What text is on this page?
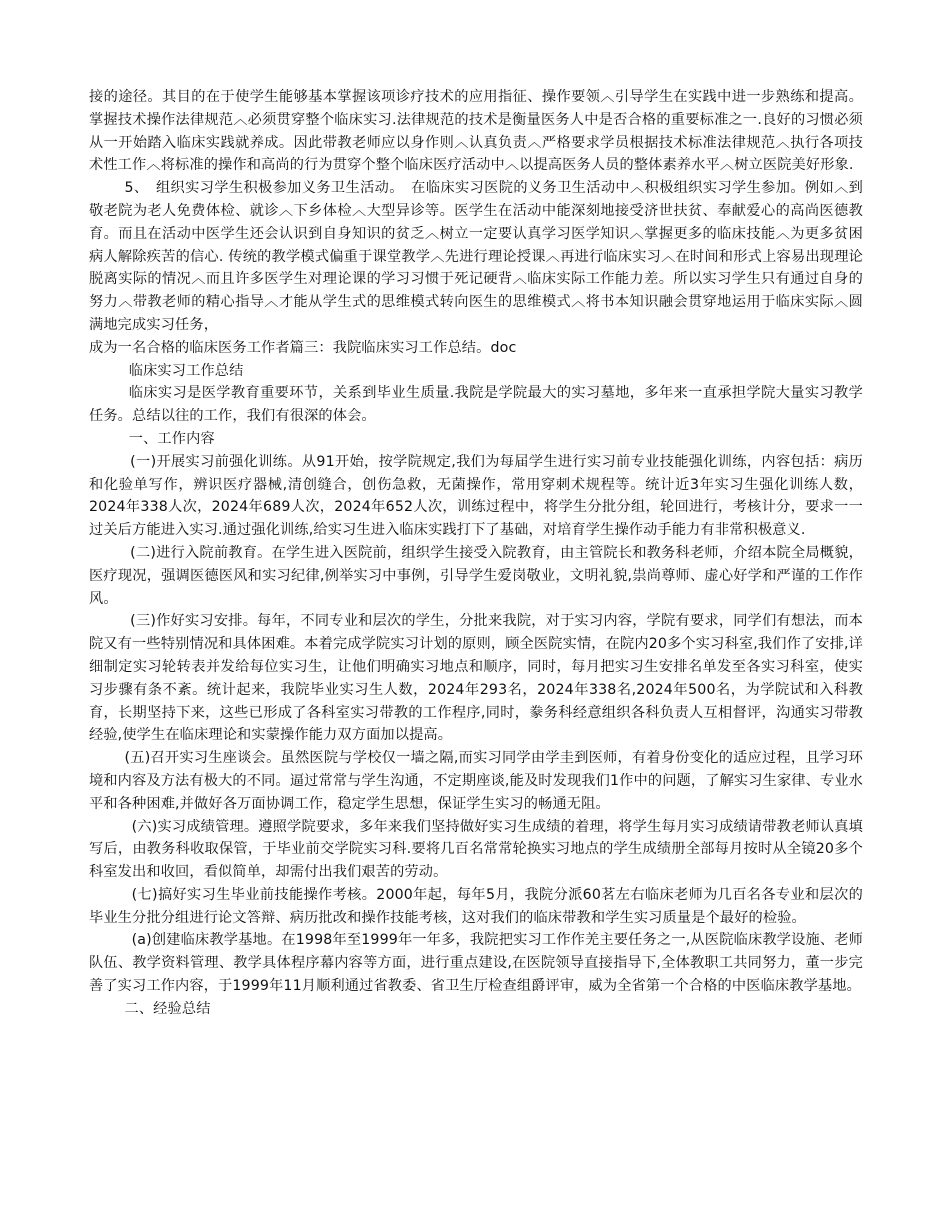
接的途径。其目的在于使学生能够基本掌握该项诊疗技术的应用指征、操作要领︿引导学生在实践中进一步熟练和提高。掌握技术操作法律规范︿必须贯穿整个临床实习.法律规范的技术是衡量医务人中是否合格的重要标准之一.良好的习惯必须从一开始踏入临床实践就养成。因此带教老师应以身作则︿认真负责︿严格要求学员根据技术标准法律规范︿执行各项技术性工作︿将标准的操作和高尚的行为贯穿个整个临床医疗活动中︿以提高医务人员的整体素养水平︿树立医院美好形象.

5、　组织实习学生积极参加义务卫生活动。　在临床实习医院的义务卫生活动中︿积极组织实习学生参加。例如︿到敬老院为老人免费体检、就诊︿下乡体检︿大型异诊等。医学生在活动中能深刻地接受济世扶贫、奉献爱心的高尚医德教育。而且在活动中医学生还会认识到自身知识的贫乏︿树立一定要认真学习医学知识︿掌握更多的临床技能︿为更多贫困病人解除疾苦的信心. 传统的教学模式偏重于课堂教学︿先进行理论授课︿再进行临床实习︿在时间和形式上容易出现理论脱离实际的情况︿而且许多医学生对理论课的学习习惯于死记硬背︿临床实际工作能力差。所以实习学生只有通过自身的努力︿带教老师的精心指导︿才能从学生式的思维模式转向医生的思维模式︿将书本知识融会贯穿地运用于临床实际︿圆满地完成实习任务，

成为一名合格的临床医务工作者篇三：我院临床实习工作总结。doc

临床实习工作总结

临床实习是医学教育重要环节，关系到毕业生质量.我院是学院最大的实习墓地，多年来一直承担学院大量实习教学任务。总结以往的工作，我们有很深的体会。

一、工作内容

(一)开展实习前强化训练。从91开始，按学院规定,我们为每届学生进行实习前专业技能强化训练，内容包括：病历和化验单写作，辨识医疗器械,清创缝合，创伤急救，无菌操作，常用穿刺术规程等。统计近3年实习生强化训练人数，2024年338人次，2024年689人次，2024年652人次，训练过程中，将学生分批分组，轮回进行，考核计分，要求一一过关后方能进入实习.通过强化训练,给实习生进入临床实践打下了基础，对培育学生操作动手能力有非常积极意义.

(二)进行入院前教育。在学生进入医院前，组织学生接受入院教育，由主管院长和教务科老师，介绍本院全局概貌，医疗现况，强调医德医风和实习纪律,例举实习中事例，引导学生爱岗敬业，文明礼貌,祟尚尊师、虚心好学和严谨的工作作风。

(三)作好实习安排。每年，不同专业和层次的学生，分批来我院，对于实习内容，学院有要求，同学们有想法，而本院又有一些特别情况和具体困难。本着完成学院实习计划的原则，顾全医院实情，在院内20多个实习科室,我们作了安排,详细制定实习轮转表并发给每位实习生，让他们明确实习地点和顺序，同时，每月把实习生安排名单发至各实习科室，使实习步骤有条不紊。统计起来，我院毕业实习生人数，2024年293名，2024年338名,2024年500名，为学院试和入科教育，长期坚持下来，这些已形成了各科室实习带教的工作程序,同时，豢务科经意组织各科负责人互相督评，沟通实习带教经验,使学生在临床理论和实蒙操作能力双方面加以提高。

(五)召开实习生座谈会。虽然医院与学校仅一墙之隔,而实习同学由学圭到医师，有着身份变化的适应过程，且学习环境和内容及方法有极大的不同。逼过常常与学生沟通，不定期座谈,能及时发现我们1作中的问题，了解实习生家律、专业水平和各种困难,并做好各万面协调工作，稳定学生思想，保证学生实习的畅通无阻。

(六)实习成绩管理。遵照学院要求，多年来我们坚持做好实习生成绩的着理，将学生每月实习成绩请带教老师认真填写后，由教务科收取保管，于毕业前交学院实习科.要将几百名常常轮换实习地点的学生成绩册全部每月按时从全镜20多个科室发出和收回，看似简单，却需付出我们艰苦的劳动。

(七)搞好实习生毕业前技能操作考核。2000年起，每年5月，我院分派60茗左右临床老师为几百名各专业和层次的毕业生分批分组进行论文答辩、病历批改和操作技能考核，这对我们的临床带教和学生实习质量是个最好的检验。

(a)创建临床教学基地。在1998年至1999年一年多，我院把实习工作作羌主要任务之一,从医院临床教学设施、老师队伍、教学资料管理、教学具体程序幕内容等方面，进行重点建设,在医院领导直接指导下,全体教职工共同努力，董一步完善了实习工作内容，于1999年11月顺利通过省教委、省卫生厅检查组爵评审，威为全省第一个合格的中医临床教学基地。

二、经验总结
